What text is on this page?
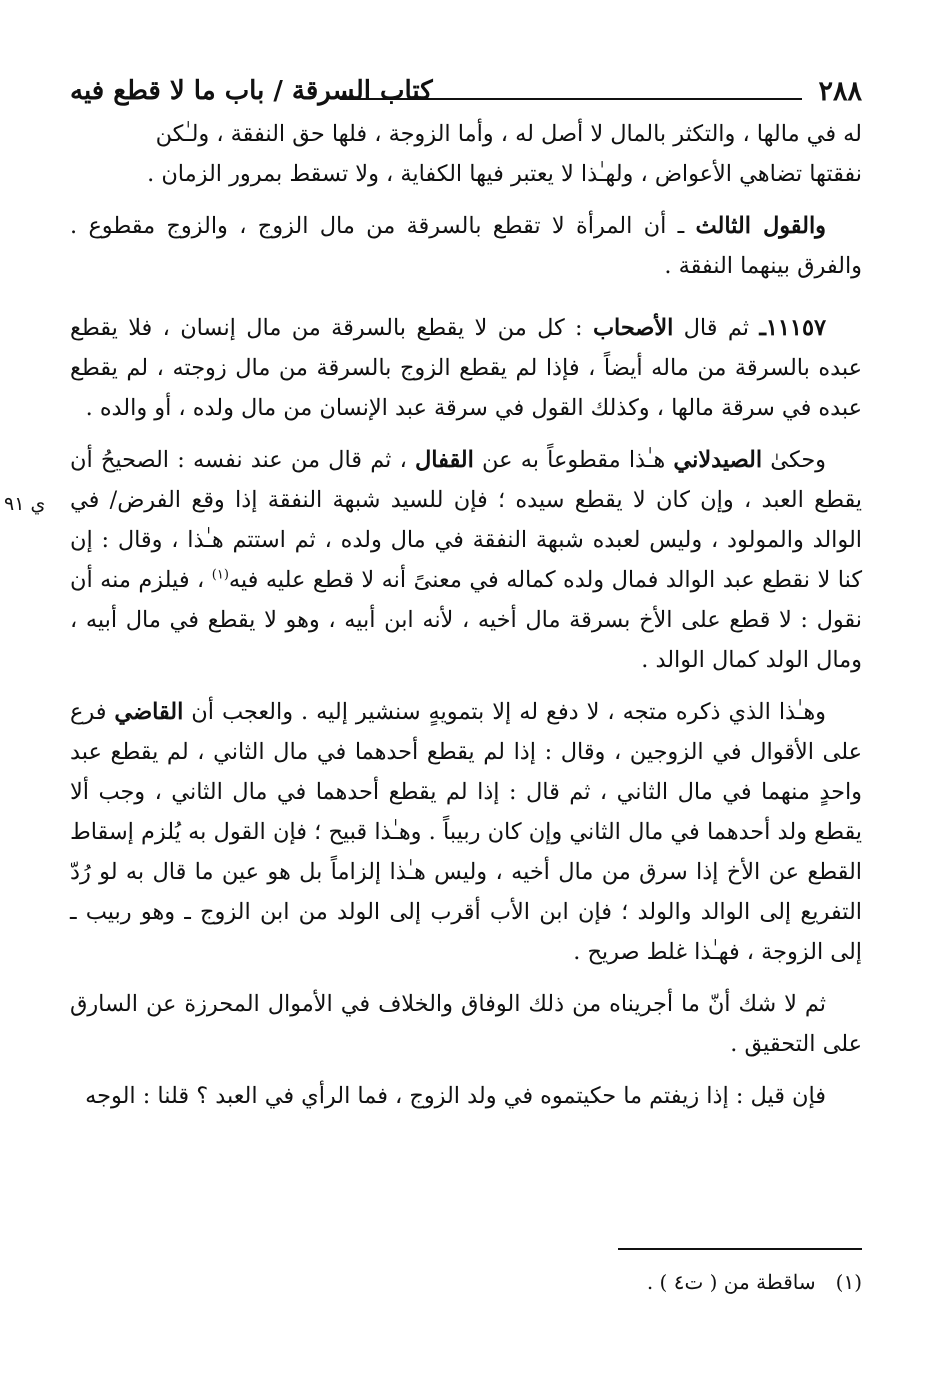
٢٨٨
كتاب السرقة / باب ما لا قطع فيه

له في مالها ، والتكثر بالمال لا أصل له ، وأما الزوجة ، فلها حق النفقة ، ولـٰكن
نفقتها تضاهي الأعواض ، ولهـٰذا لا يعتبر فيها الكفاية ، ولا تسقط بمرور الزمان .

والقول الثالث ـ أن المرأة لا تقطع بالسرقة من مال الزوج ، والزوج مقطوع . والفرق بينهما النفقة .

١١١٥٧ـ ثم قال الأصحاب : كل من لا يقطع بالسرقة من مال إنسان ، فلا يقطع عبده بالسرقة من ماله أيضاً ، فإذا لم يقطع الزوج بالسرقة من مال زوجته ، لم يقطع عبده في سرقة مالها ، وكذلك القول في سرقة عبد الإنسان من مال ولده ، أو والده .

ي ٩١
وحكىٰ الصيدلاني هـٰذا مقطوعاً به عن القفال ، ثم قال من عند نفسه : الصحيحُ أن يقطع العبد ، وإن كان لا يقطع سيده ؛ فإن للسيد شبهة النفقة إذا وقع الفرض/ في الوالد والمولود ، وليس لعبده شبهة النفقة في مال ولده ، ثم استتم هـٰذا ، وقال : إن كنا لا نقطع عبد الوالد فمال ولده كماله في معنىً أنه لا قطع عليه فيه$^{(١)}$ ، فيلزم منه أن نقول : لا قطع على الأخ بسرقة مال أخيه ، لأنه ابن أبيه ، وهو لا يقطع في مال أبيه ، ومال الولد كمال الوالد .

وهـٰذا الذي ذكره متجه ، لا دفع له إلا بتمويهٍ سنشير إليه . والعجب أن القاضي فرع على الأقوال في الزوجين ، وقال : إذا لم يقطع أحدهما في مال الثاني ، لم يقطع عبد واحدٍ منهما في مال الثاني ، ثم قال : إذا لم يقطع أحدهما في مال الثاني ، وجب ألا يقطع ولد أحدهما في مال الثاني وإن كان ربيباً . وهـٰذا قبيح ؛ فإن القول به يُلزم إسقاط القطع عن الأخ إذا سرق من مال أخيه ، وليس هـٰذا إلزاماً بل هو عين ما قال به لو رُدّ التفريع إلى الوالد والولد ؛ فإن ابن الأب أقرب إلى الولد من ابن الزوج ـ وهو ربيب ـ إلى الزوجة ، فهـٰذا غلط صريح .

ثم لا شك أنّ ما أجريناه من ذلك الوفاق والخلاف في الأموال المحرزة عن السارق على التحقيق .

فإن قيل : إذا زيفتم ما حكيتموه في ولد الزوج ، فما الرأي في العبد ؟ قلنا : الوجه

(١)ساقطة من ( ت٤ ) .
